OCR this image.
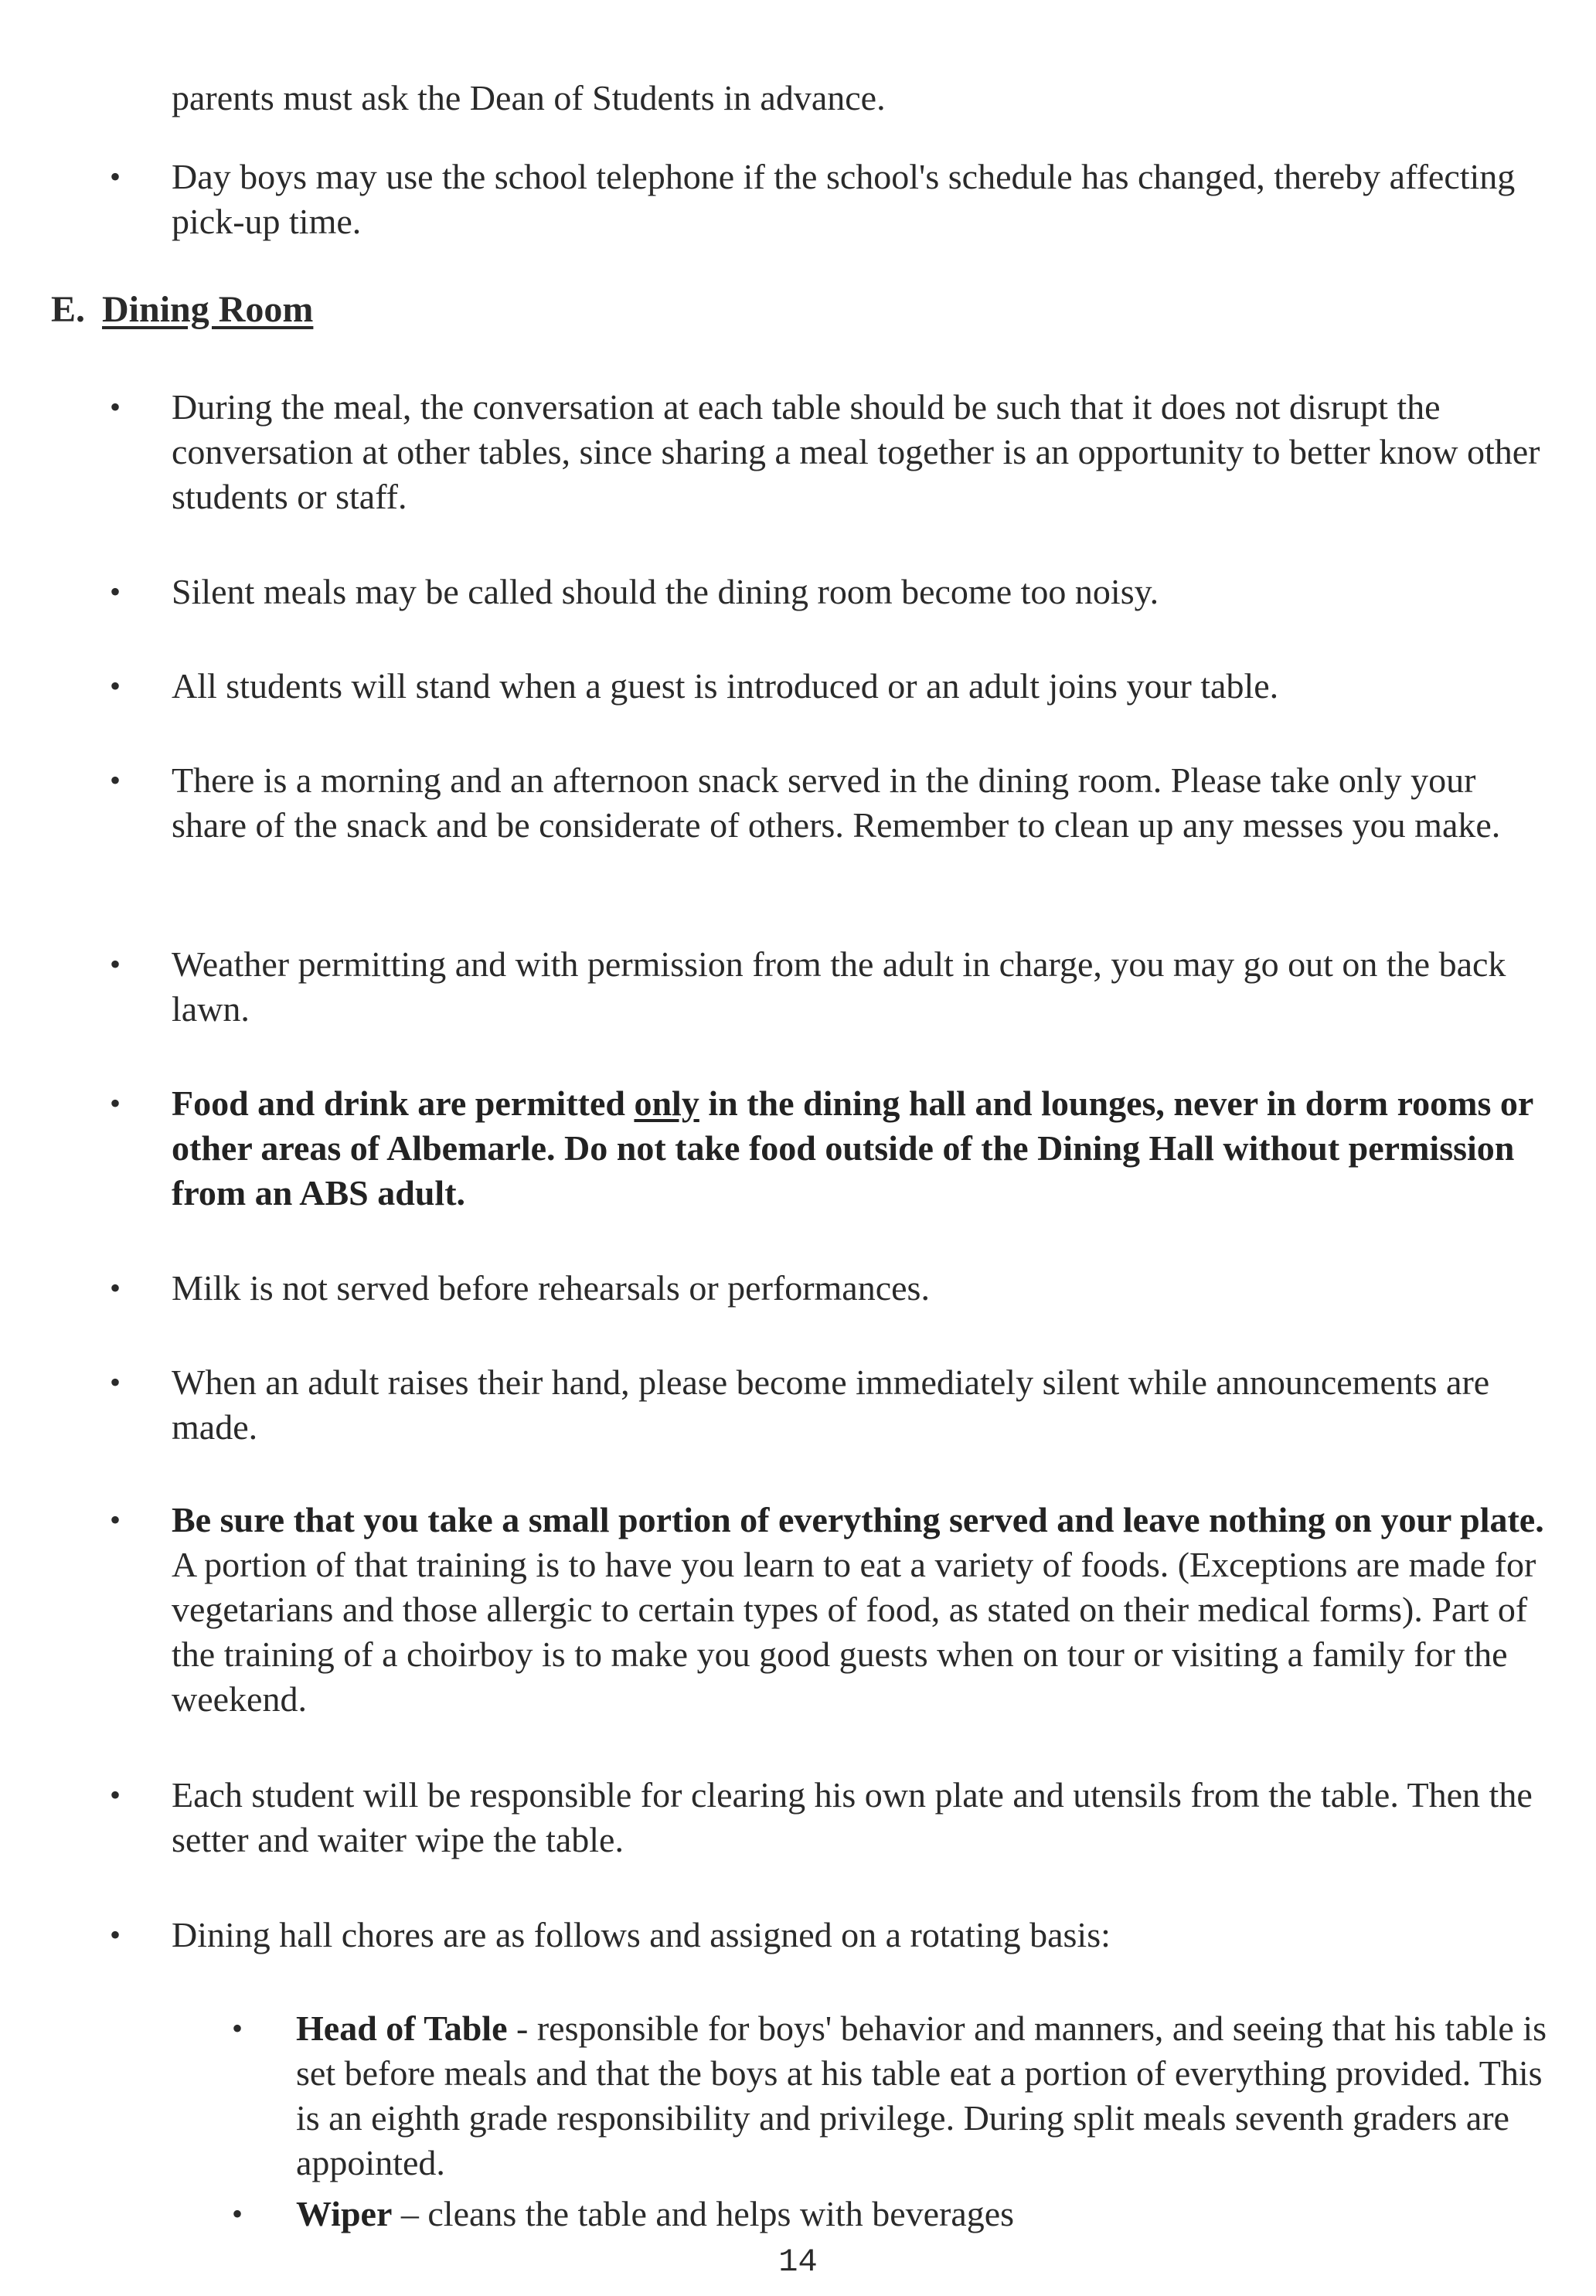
parents must ask the Dean of Students in advance.

• Day boys may use the school telephone if the school's schedule has changed, thereby affecting pick-up time.

E. Dining Room
• During the meal, the conversation at each table should be such that it does not disrupt the conversation at other tables, since sharing a meal together is an opportunity to better know other students or staff.

• Silent meals may be called should the dining room become too noisy.

• All students will stand when a guest is introduced or an adult joins your table.

• There is a morning and an afternoon snack served in the dining room. Please take only your share of the snack and be considerate of others. Remember to clean up any messes you make.

• Weather permitting and with permission from the adult in charge, you may go out on the back lawn.

• Food and drink are permitted only in the dining hall and lounges, never in dorm rooms or other areas of Albemarle. Do not take food outside of the Dining Hall without permission from an ABS adult.

• Milk is not served before rehearsals or performances.

• When an adult raises their hand, please become immediately silent while announcements are made.

• Be sure that you take a small portion of everything served and leave nothing on your plate. A portion of that training is to have you learn to eat a variety of foods. (Exceptions are made for vegetarians and those allergic to certain types of food, as stated on their medical forms). Part of the training of a choirboy is to make you good guests when on tour or visiting a family for the weekend.

• Each student will be responsible for clearing his own plate and utensils from the table. Then the setter and waiter wipe the table.

• Dining hall chores are as follows and assigned on a rotating basis:

• Head of Table - responsible for boys' behavior and manners, and seeing that his table is set before meals and that the boys at his table eat a portion of everything provided. This is an eighth grade responsibility and privilege. During split meals seventh graders are appointed.

• Wiper – cleans the table and helps with beverages

14
